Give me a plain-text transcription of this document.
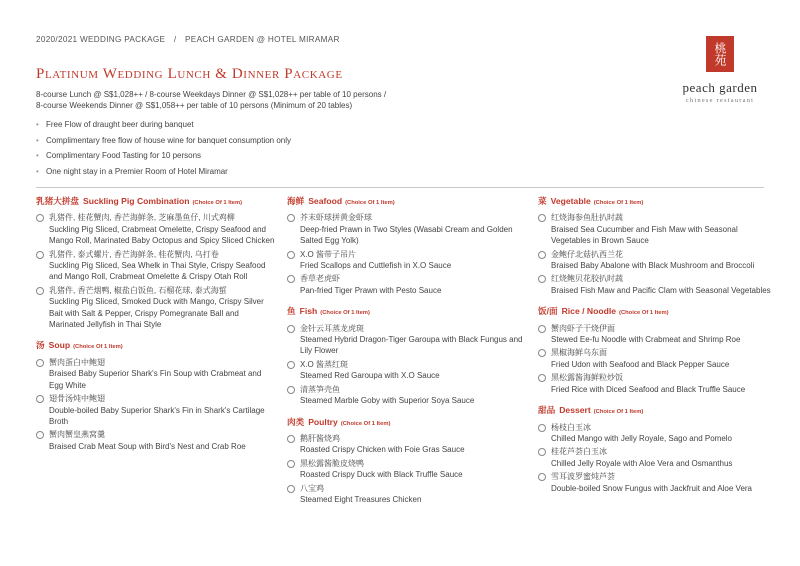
2020/2021 WEDDING PACKAGE / PEACH GARDEN @ HOTEL MIRAMAR
桃苑
peach garden
chinese restaurant
Platinum Wedding Lunch & Dinner Package
8-course Lunch @ S$1,028++ / 8-course Weekdays Dinner @ S$1,028++ per table of 10 persons /
8-course Weekends Dinner @ S$1,058++ per table of 10 persons (Minimum of 20 tables)
• Free Flow of draught beer during banquet
• Complimentary free flow of house wine for banquet consumption only
• Complimentary Food Tasting for 10 persons
• One night stay in a Premier Room of Hotel Miramar
乳猪大拼盘 Suckling Pig Combination (Choice Of 1 Item)
乳猪件, 桂花蟹肉, 香芒海鲜条, 芝麻墨鱼仔, 川式鸡柳
Suckling Pig Sliced, Crabmeat Omelette, Crispy Seafood and Mango Roll, Marinated Baby Octopus and Spicy Sliced Chicken
乳猪件, 泰式螺片, 香芒海鲜条, 桂花蟹肉, 乌打卷
Suckling Pig Sliced, Sea Whelk in Thai Style, Crispy Seafood and Mango Roll, Crabmeat Omelette & Crispy Otah Roll
乳猪件, 香芒烟鸭, 椒盐白饭鱼, 石榴花球, 泰式海蜇
Suckling Pig Sliced, Smoked Duck with Mango, Crispy Silver Bait with Salt & Pepper, Crispy Pomegranate Ball and Marinated Jellyfish in Thai Style
汤 Soup (Choice Of 1 Item)
蟹肉蛋白中鲍翅
Braised Baby Superior Shark's Fin Soup with Crabmeat and Egg White
翅骨汤炖中鲍翅
Double-boiled Baby Superior Shark's Fin in Shark's Cartilage Broth
蟹肉蟹皇燕窝羹
Braised Crab Meat Soup with Bird's Nest and Crab Roe
海鲜 Seafood (Choice Of 1 Item)
芥末虾球拼黄金虾球
Deep-fried Prawn in Two Styles (Wasabi Cream and Golden Salted Egg Yolk)
X.O 酱带子吊片
Fried Scallops and Cuttlefish in X.O Sauce
香草老虎虾
Pan-fried Tiger Prawn with Pesto Sauce
鱼 Fish (Choice Of 1 Item)
金针云耳蒸龙虎斑
Steamed Hybrid Dragon-Tiger Garoupa with Black Fungus and Lily Flower
X.O 酱蒸红斑
Steamed Red Garoupa with X.O Sauce
清蒸笋壳鱼
Steamed Marble Goby with Superior Soya Sauce
肉类 Poultry (Choice Of 1 Item)
鹅肝酱烧鸡
Roasted Crispy Chicken with Foie Gras Sauce
黑松露酱脆皮烧鸭
Roasted Crispy Duck with Black Truffle Sauce
八宝鸡
Steamed Eight Treasures Chicken
菜 Vegetable (Choice Of 1 Item)
红烧海参鱼肚扒时蔬
Braised Sea Cucumber and Fish Maw with Seasonal Vegetables in Brown Sauce
金鲍仔北菇扒西兰花
Braised Baby Abalone with Black Mushroom and Broccoli
红烧鲍贝花胶扒时蔬
Braised Fish Maw and Pacific Clam with Seasonal Vegetables
饭/面 Rice / Noodle (Choice Of 1 Item)
蟹肉虾子干烧伊面
Stewed Ee-fu Noodle with Crabmeat and Shrimp Roe
黑椒海鲜乌东面
Fried Udon with Seafood and Black Pepper Sauce
黑松露酱海鲜粒炒饭
Fried Rice with Diced Seafood and Black Truffle Sauce
甜品 Dessert (Choice Of 1 Item)
杨枝白玉冰
Chilled Mango with Jelly Royale, Sago and Pomelo
桂花芦荟白玉冰
Chilled Jelly Royale with Aloe Vera and Osmanthus
雪耳波罗蜜炖芦荟
Double-boiled Snow Fungus with Jackfruit and Aloe Vera
